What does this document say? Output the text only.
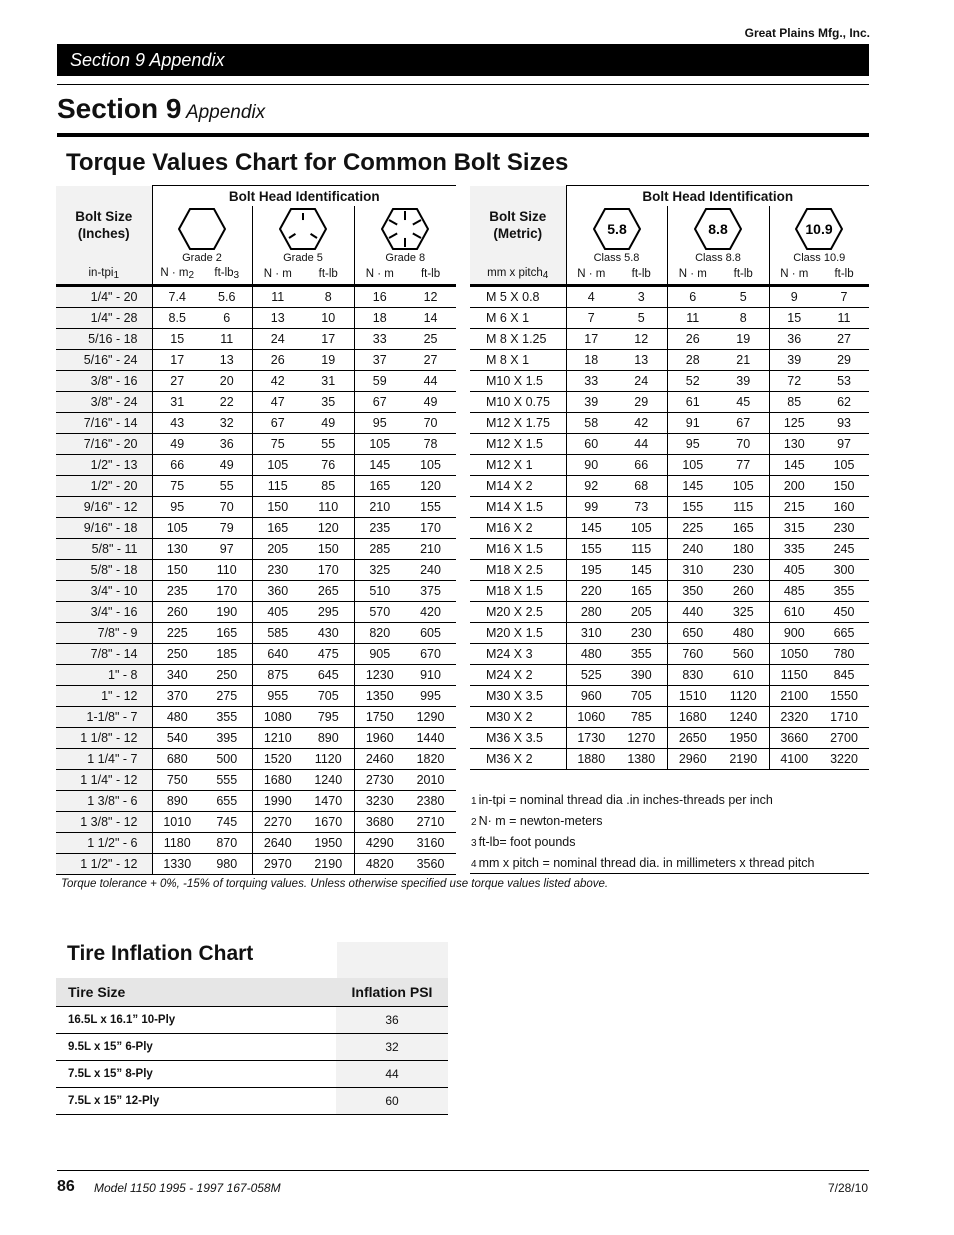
Great Plains Mfg., Inc.
Section 9 Appendix
Section 9 Appendix
Torque Values Chart for Common Bolt Sizes
Bolt Size
(Inches)	Bolt Head Identification					

	Grade 2		Grade 5		Grade 8	

in-tpi$_1$	$N \cdot m_2$	$ft-lb_3$	N · m	ft-lb	N · m	ft-lb
1/4" - 20	7.4	5.6	11	8	16	12
1/4" - 28	8.5	6	13	10	18	14
5/16 - 18	15	11	24	17	33	25
5/16" - 24	17	13	26	19	37	27
3/8" - 16	27	20	42	31	59	44
3/8" - 24	31	22	47	35	67	49
7/16" - 14	43	32	67	49	95	70
7/16" - 20	49	36	75	55	105	78
1/2" - 13	66	49	105	76	145	105
1/2" - 20	75	55	115	85	165	120
9/16" - 12	95	70	150	110	210	155
9/16" - 18	105	79	165	120	235	170
5/8" - 11	130	97	205	150	285	210
5/8" - 18	150	110	230	170	325	240
3/4" - 10	235	170	360	265	510	375
3/4" - 16	260	190	405	295	570	420
7/8" - 9	225	165	585	430	820	605
7/8" - 14	250	185	640	475	905	670
1" - 8	340	250	875	645	1230	910
1" - 12	370	275	955	705	1350	995
1-1/8" - 7	480	355	1080	795	1750	1290
1 1/8" - 12	540	395	1210	890	1960	1440
1 1/4" - 7	680	500	1520	1120	2460	1820
1 1/4" - 12	750	555	1680	1240	2730	2010
1 3/8" - 6	890	655	1990	1470	3230	2380
1 3/8" - 12	1010	745	2270	1670	3680	2710
1 1/2" - 6	1180	870	2640	1950	4290	3160
1 1/2" - 12	1330	980	2970	2190	4820	3560
Bolt Size
(Metric)	Bolt Head Identification					

5.8
Class 5.8		8.8
Class 8.8		10.9
Class 10.9	

mm x pitch$_4$	N · m	ft-lb	N · m	ft-lb	N · m	ft-lb
M 5 X 0.8	4	3	6	5	9	7
M 6 X 1	7	5	11	8	15	11
M 8 X 1.25	17	12	26	19	36	27
M 8 X 1	18	13	28	21	39	29
M10 X 1.5	33	24	52	39	72	53
M10 X 0.75	39	29	61	45	85	62
M12 X 1.75	58	42	91	67	125	93
M12 X 1.5	60	44	95	70	130	97
M12 X 1	90	66	105	77	145	105
M14 X 2	92	68	145	105	200	150
M14 X 1.5	99	73	155	115	215	160
M16 X 2	145	105	225	165	315	230
M16 X 1.5	155	115	240	180	335	245
M18 X 2.5	195	145	310	230	405	300
M18 X 1.5	220	165	350	260	485	355
M20 X 2.5	280	205	440	325	610	450
M20 X 1.5	310	230	650	480	900	665
M24 X 3	480	355	760	560	1050	780
M24 X 2	525	390	830	610	1150	845
M30 X 3.5	960	705	1510	1120	2100	1550
M30 X 2	1060	785	1680	1240	2320	1710
M36 X 3.5	1730	1270	2650	1950	3660	2700
M36 X 2	1880	1380	2960	2190	4100	3220
1 in-tpi = nominal thread dia .in inches-threads per inch
2 N· m = newton-meters
3 ft-lb= foot pounds
4 mm x pitch = nominal thread dia. in millimeters x thread pitch
Torque tolerance + 0%, -15% of torquing values. Unless otherwise specified use torque values listed above.
Tire Inflation Chart
Tire Size	Inflation PSI
16.5L x 16.1” 10-Ply	36
9.5L x 15” 6-Ply	32
7.5L x 15” 8-Ply	44
7.5L x 15” 12-Ply	60
86 Model 1150 1995 - 1997 167-058M	7/28/10
